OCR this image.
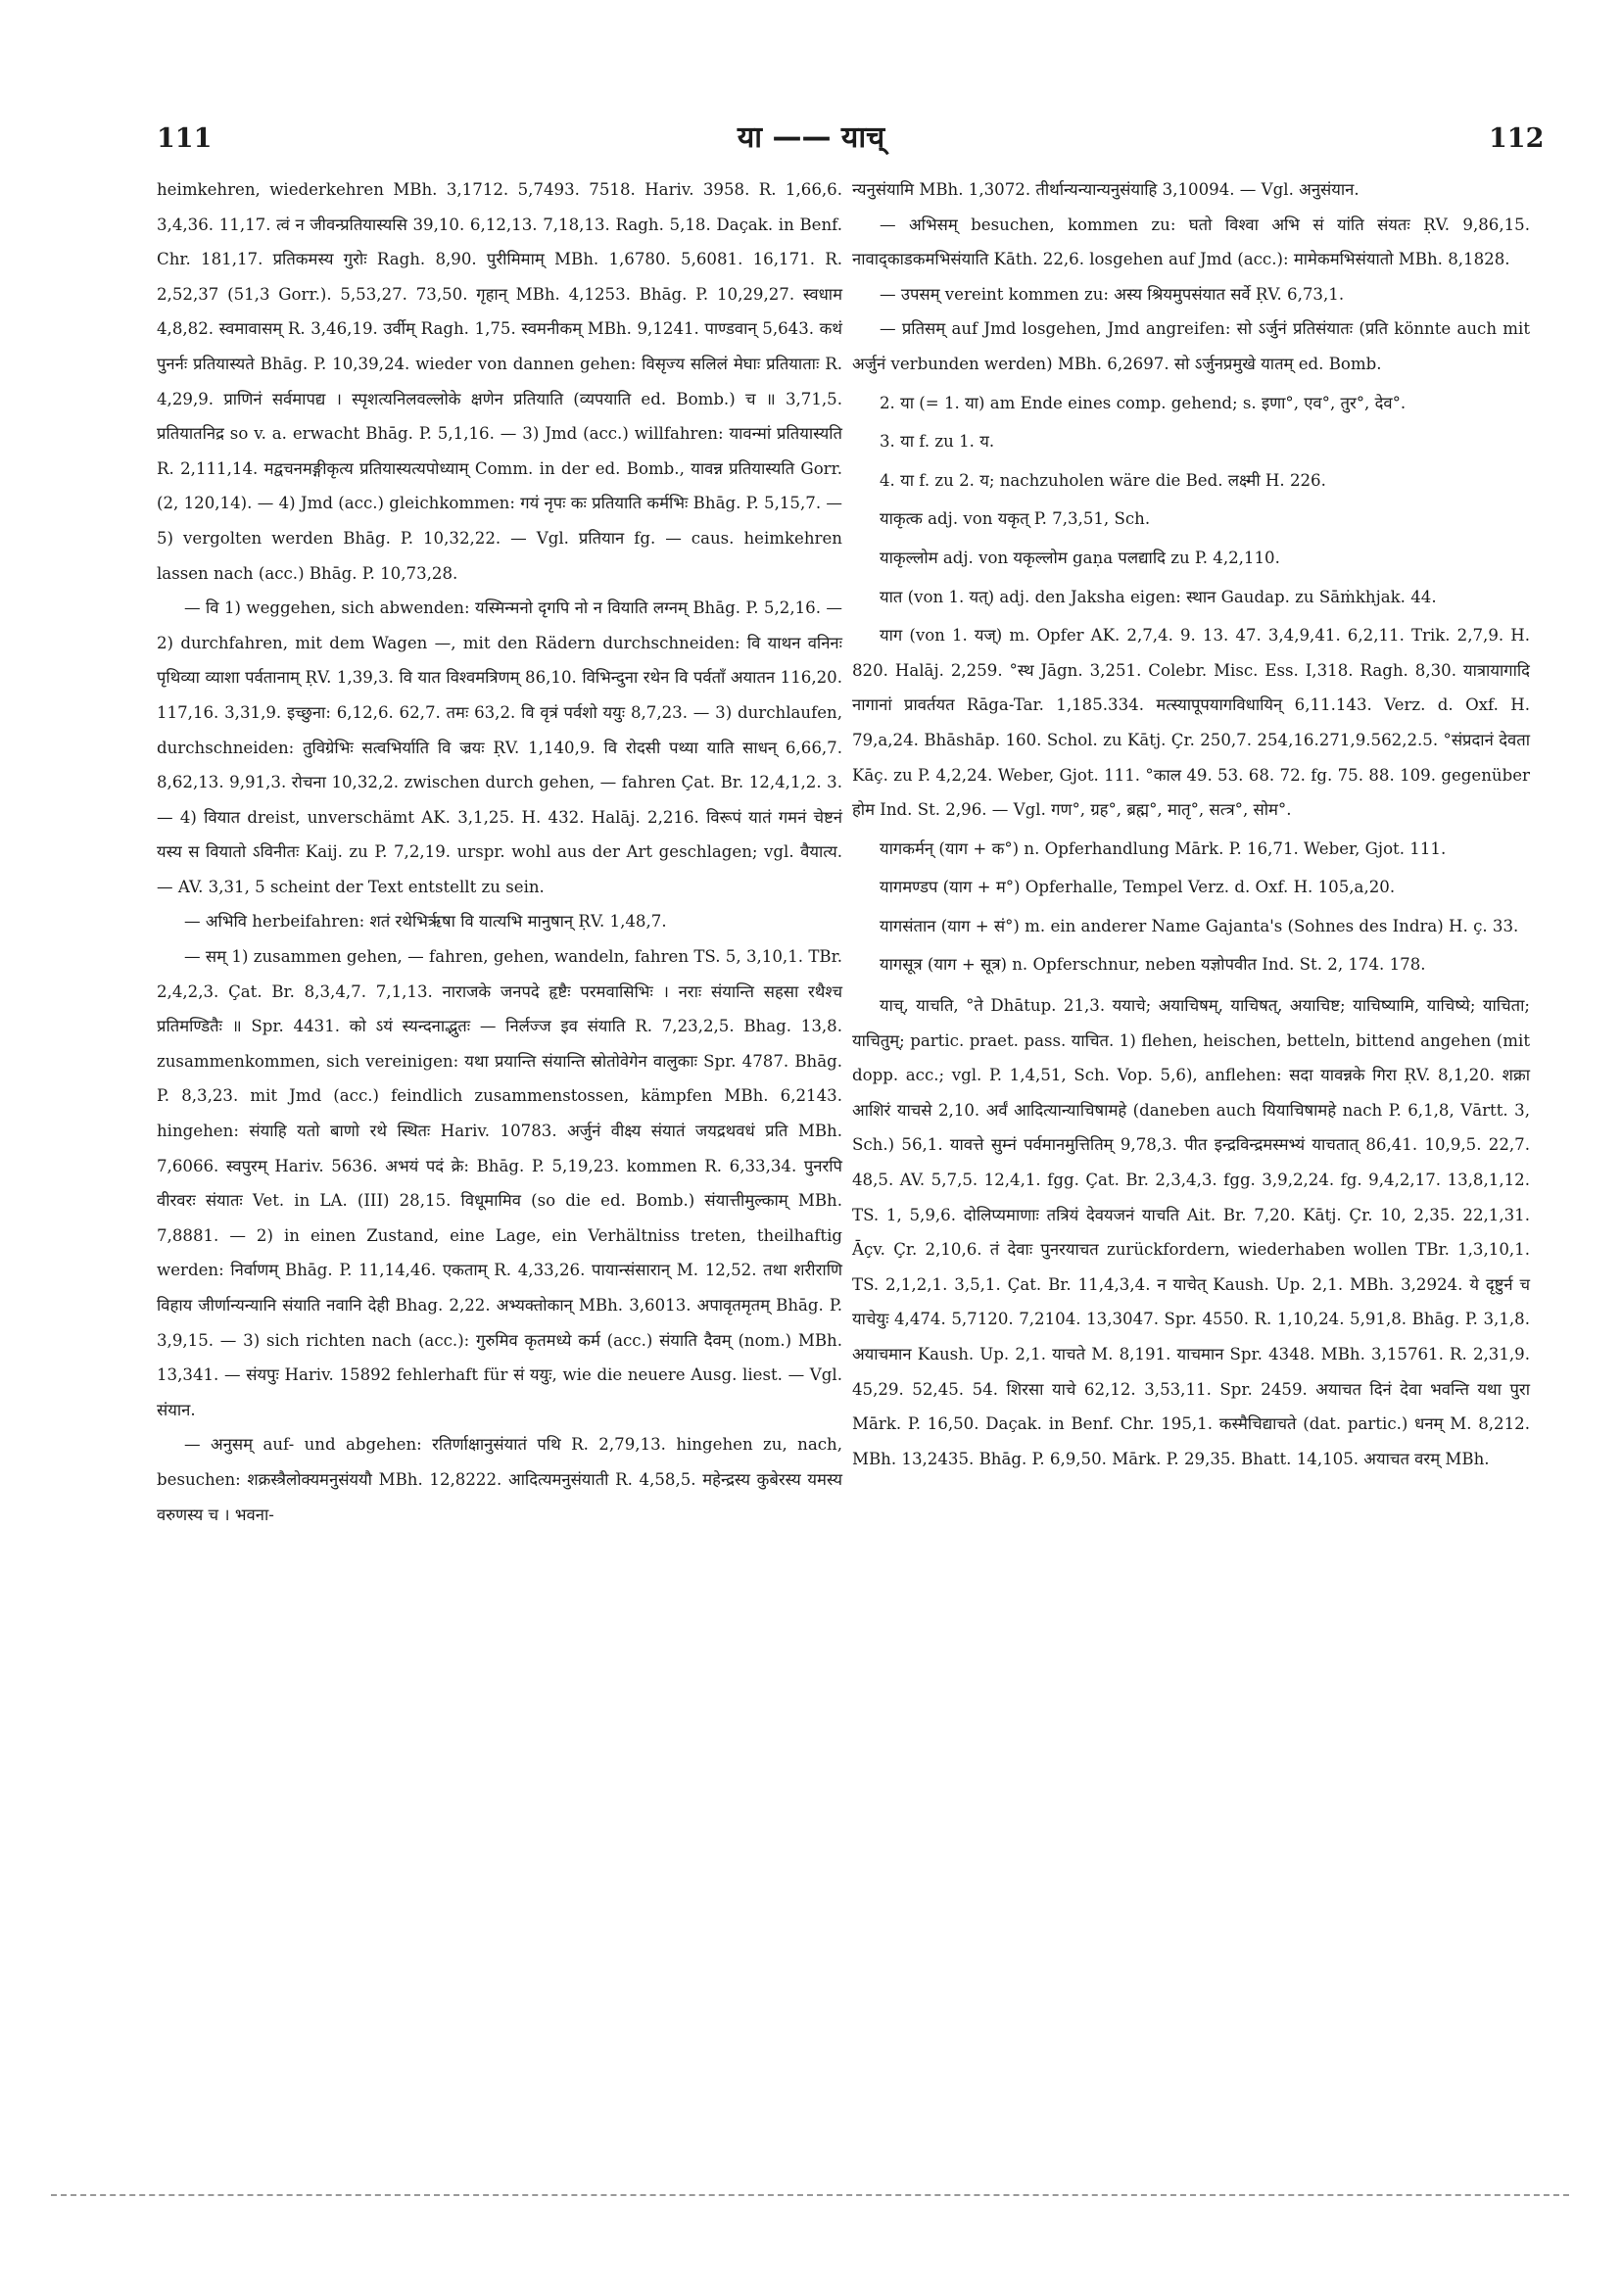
111	या —— याच्	112

heimkehren, wiederkehren MBh. 3,1712. 5,7493. 7518. Hariv. 3958. R. 1,66,6. 3,4,36. 11,17. त्वं न जीवन्प्रतियास्यसि 39,10. 6,12,13. 7,18,13. Ragh. 5,18. Daçak. in Benf. Chr. 181,17. प्रतिकमस्य गुरोः Ragh. 8,90. पुरीमिमाम् MBh. 1,6780. 5,6081. 16,171. R. 2,52,37 (51,3 Gorr.). 5,53,27. 73,50. गृहान् MBh. 4,1253. Bhāg. P. 10,29,27. स्वधाम 4,8,82. स्वमावासम् R. 3,46,19. उर्वीम् Ragh. 1,75. स्वमनीकम् MBh. 9,1241. पाण्डवान् 5,643. कथं पुनर्नः प्रतियास्यते Bhāg. P. 10,39,24. wieder von dannen gehen: विसृज्य सलिलं मेघाः प्रतियाताः R. 4,29,9. प्राणिनं सर्वमापद्य । स्पृशत्यनिलवल्लोके क्षणेन प्रतियाति (व्यपयाति ed. Bomb.) च ॥ 3,71,5. प्रतियातनिद्र so v. a. erwacht Bhāg. P. 5,1,16. — 3) Jmd (acc.) willfahren: यावन्मां प्रतियास्यति R. 2,111,14. मद्वचनमङ्गीकृत्य प्रतियास्यत्यपोध्याम् Comm. in der ed. Bomb., यावन्न प्रतियास्यति Gorr. (2, 120,14). — 4) Jmd (acc.) gleichkommen: गयं नृपः कः प्रतियाति कर्मभिः Bhāg. P. 5,15,7. — 5) vergolten werden Bhāg. P. 10,32,22. — Vgl. प्रतियान fg. — caus. heimkehren lassen nach (acc.) Bhāg. P. 10,73,28.

— वि 1) weggehen, sich abwenden: यस्मिन्मनो दृगपि नो न वियाति लग्नम् Bhāg. P. 5,2,16. — 2) durchfahren, mit dem Wagen —, mit den Rädern durchschneiden: वि याथन वनिनः पृथिव्या व्याशा पर्वतानाम् ṚV. 1,39,3. वि यात विश्वमत्रिणम् 86,10. विभिन्दुना रथेन वि पर्वताँ अयातन 116,20. 117,16. 3,31,9. इच्छुना: 6,12,6. 62,7. तमः 63,2. वि वृत्रं पर्वशो ययुः 8,7,23. — 3) durchlaufen, durchschneiden: तुविग्रेभिः सत्वभिर्याति वि ज्रयः ṚV. 1,140,9. वि रोदसी पथ्या याति साधन् 6,66,7. 8,62,13. 9,91,3. रोचना 10,32,2. zwischen durch gehen, — fahren Çat. Br. 12,4,1,2. 3. — 4) वियात dreist, unverschämt AK. 3,1,25. H. 432. Halāj. 2,216. विरूपं यातं गमनं चेष्टनं यस्य स वियातो ऽविनीतः Kaij. zu P. 7,2,19. urspr. wohl aus der Art geschlagen; vgl. वैयात्य. — AV. 3,31, 5 scheint der Text entstellt zu sein.

— अभिवि herbeifahren: शतं रथेभिरृषा वि यात्यभि मानुषान् ṚV. 1,48,7.

— सम् 1) zusammen gehen, — fahren, gehen, wandeln, fahren TS. 5, 3,10,1. TBr. 2,4,2,3. Çat. Br. 8,3,4,7. 7,1,13. नाराजके जनपदे हृष्टैः परमवासिभिः । नराः संयान्ति सहसा रथैश्च प्रतिमण्डितैः ॥ Spr. 4431. को ऽयं स्यन्दनाद्भुतः — निर्लज्ज इव संयाति R. 7,23,2,5. Bhag. 13,8. zusammenkommen, sich vereinigen: यथा प्रयान्ति संयान्ति स्रोतोवेगेन वालुकाः Spr. 4787. Bhāg. P. 8,3,23. mit Jmd (acc.) feindlich zusammenstossen, kämpfen MBh. 6,2143. hingehen: संयाहि यतो बाणो रथे स्थितः Hariv. 10783. अर्जुनं वीक्ष्य संयातं जयद्रथवधं प्रति MBh. 7,6066. स्वपुरम् Hariv. 5636. अभयं पदं क्रे: Bhāg. P. 5,19,23. kommen R. 6,33,34. पुनरपि वीरवरः संयातः Vet. in LA. (III) 28,15. विधूमामिव (so die ed. Bomb.) संयात्तीमुल्काम् MBh. 7,8881. — 2) in einen Zustand, eine Lage, ein Verhältniss treten, theilhaftig werden: निर्वाणम् Bhāg. P. 11,14,46. एकताम् R. 4,33,26. पायान्संसारान् M. 12,52. तथा शरीराणि विहाय जीर्णान्यन्यानि संयाति नवानि देही Bhag. 2,22. अभ्यक्तोकान् MBh. 3,6013. अपावृतमृतम् Bhāg. P. 3,9,15. — 3) sich richten nach (acc.): गुरुमिव कृतमध्ये कर्म (acc.) संयाति दैवम् (nom.) MBh. 13,341. — संयपुः Hariv. 15892 fehlerhaft für सं ययुः, wie die neuere Ausg. liest. — Vgl. संयान.

— अनुसम् auf- und abgehen: रतिर्णाक्षानुसंयातं पथि R. 2,79,13. hingehen zu, nach, besuchen: शक्रस्त्रैलोक्यमनुसंययौ MBh. 12,8222. आदित्यमनुसंयाती R. 4,58,5. महेन्द्रस्य कुबेरस्य यमस्य वरुणस्य च । भवना-

न्यनुसंयामि MBh. 1,3072. तीर्थान्यन्यान्यनुसंयाहि 3,10094. — Vgl. अनुसंयान.

— अभिसम् besuchen, kommen zu: घतो विश्वा अभि सं यांति संयतः ṚV. 9,86,15. नावाद्काडकमभिसंयाति Kāth. 22,6. losgehen auf Jmd (acc.): मामेकमभिसंयातो MBh. 8,1828.

— उपसम् vereint kommen zu: अस्य श्रियमुपसंयात सर्वे ṚV. 6,73,1.

— प्रतिसम् auf Jmd losgehen, Jmd angreifen: सो ऽर्जुनं प्रतिसंयातः (प्रति könnte auch mit अर्जुनं verbunden werden) MBh. 6,2697. सो ऽर्जुनप्रमुखे यातम् ed. Bomb.

2. या (= 1. या) am Ende eines comp. gehend; s. इणा°, एव°, तुर°, देव°.

3. या f. zu 1. य.

4. या f. zu 2. य; nachzuholen wäre die Bed. लक्ष्मी H. 226.

याकृत्क adj. von यकृत् P. 7,3,51, Sch.

याकृल्लोम adj. von यकृल्लोम gaṇa पलद्यादि zu P. 4,2,110.

यात (von 1. यत्) adj. den Jaksha eigen: स्थान Gaudap. zu Sāṁkhjak. 44.

याग (von 1. यज्) m. Opfer AK. 2,7,4. 9. 13. 47. 3,4,9,41. 6,2,11. Trik. 2,7,9. H. 820. Halāj. 2,259. °स्थ Jāgn. 3,251. Colebr. Misc. Ess. I,318. Ragh. 8,30. यात्रायागादि नागानां प्रावर्तयत Rāga-Tar. 1,185.334. मत्स्यापूपयागविधायिन् 6,11.143. Verz. d. Oxf. H. 79,a,24. Bhāshāp. 160. Schol. zu Kātj. Çr. 250,7. 254,16.271,9.562,2.5. °संप्रदानं देवता Kāç. zu P. 4,2,24. Weber, Gjot. 111. °काल 49. 53. 68. 72. fg. 75. 88. 109. gegenüber होम Ind. St. 2,96. — Vgl. गण°, ग्रह°, ब्रह्म°, मातृ°, सत्त्र°, सोम°.

यागकर्मन् (याग + क°) n. Opferhandlung Mārk. P. 16,71. Weber, Gjot. 111.

यागमण्डप (याग + म°) Opferhalle, Tempel Verz. d. Oxf. H. 105,a,20.

यागसंतान (याग + सं°) m. ein anderer Name Gajanta's (Sohnes des Indra) H. ç. 33.

यागसूत्र (याग + सूत्र) n. Opferschnur, neben यज्ञोपवीत Ind. St. 2, 174. 178.

याच्, याचति, °ते Dhātup. 21,3. ययाचे; अयाचिषम्, याचिषत्, अयाचिष्ट; याचिष्यामि, याचिष्ये; याचिता; याचितुम्; partic. praet. pass. याचित. 1) flehen, heischen, betteln, bittend angehen (mit dopp. acc.; vgl. P. 1,4,51, Sch. Vop. 5,6), anflehen: सदा यावन्नके गिरा ṚV. 8,1,20. शक्रा आशिरं याचसे 2,10. अर्वं आदित्यान्याचिषामहे (daneben auch यियाचिषामहे nach P. 6,1,8, Vārtt. 3, Sch.) 56,1. यावत्ते सुम्नं पर्वमानमुत्तितिम् 9,78,3. पीत इन्द्रविन्द्रमस्मभ्यं याचतात् 86,41. 10,9,5. 22,7. 48,5. AV. 5,7,5. 12,4,1. fgg. Çat. Br. 2,3,4,3. fgg. 3,9,2,24. fg. 9,4,2,17. 13,8,1,12. TS. 1, 5,9,6. दोलिप्यमाणाः तत्रियं देवयजनं याचति Ait. Br. 7,20. Kātj. Çr. 10, 2,35. 22,1,31. Āçv. Çr. 2,10,6. तं देवाः पुनरयाचत zurückfordern, wiederhaben wollen TBr. 1,3,10,1. TS. 2,1,2,1. 3,5,1. Çat. Br. 11,4,3,4. न याचेत् Kaush. Up. 2,1. MBh. 3,2924. ये दृष्टुर्न च याचेयुः 4,474. 5,7120. 7,2104. 13,3047. Spr. 4550. R. 1,10,24. 5,91,8. Bhāg. P. 3,1,8. अयाचमान Kaush. Up. 2,1. याचते M. 8,191. याचमान Spr. 4348. MBh. 3,15761. R. 2,31,9. 45,29. 52,45. 54. शिरसा याचे 62,12. 3,53,11. Spr. 2459. अयाचत दिनं देवा भवन्ति यथा पुरा Mārk. P. 16,50. Daçak. in Benf. Chr. 195,1. कस्मैचिद्याचते (dat. partic.) धनम् M. 8,212. MBh. 13,2435. Bhāg. P. 6,9,50. Mārk. P. 29,35. Bhatt. 14,105. अयाचत वरम् MBh.
